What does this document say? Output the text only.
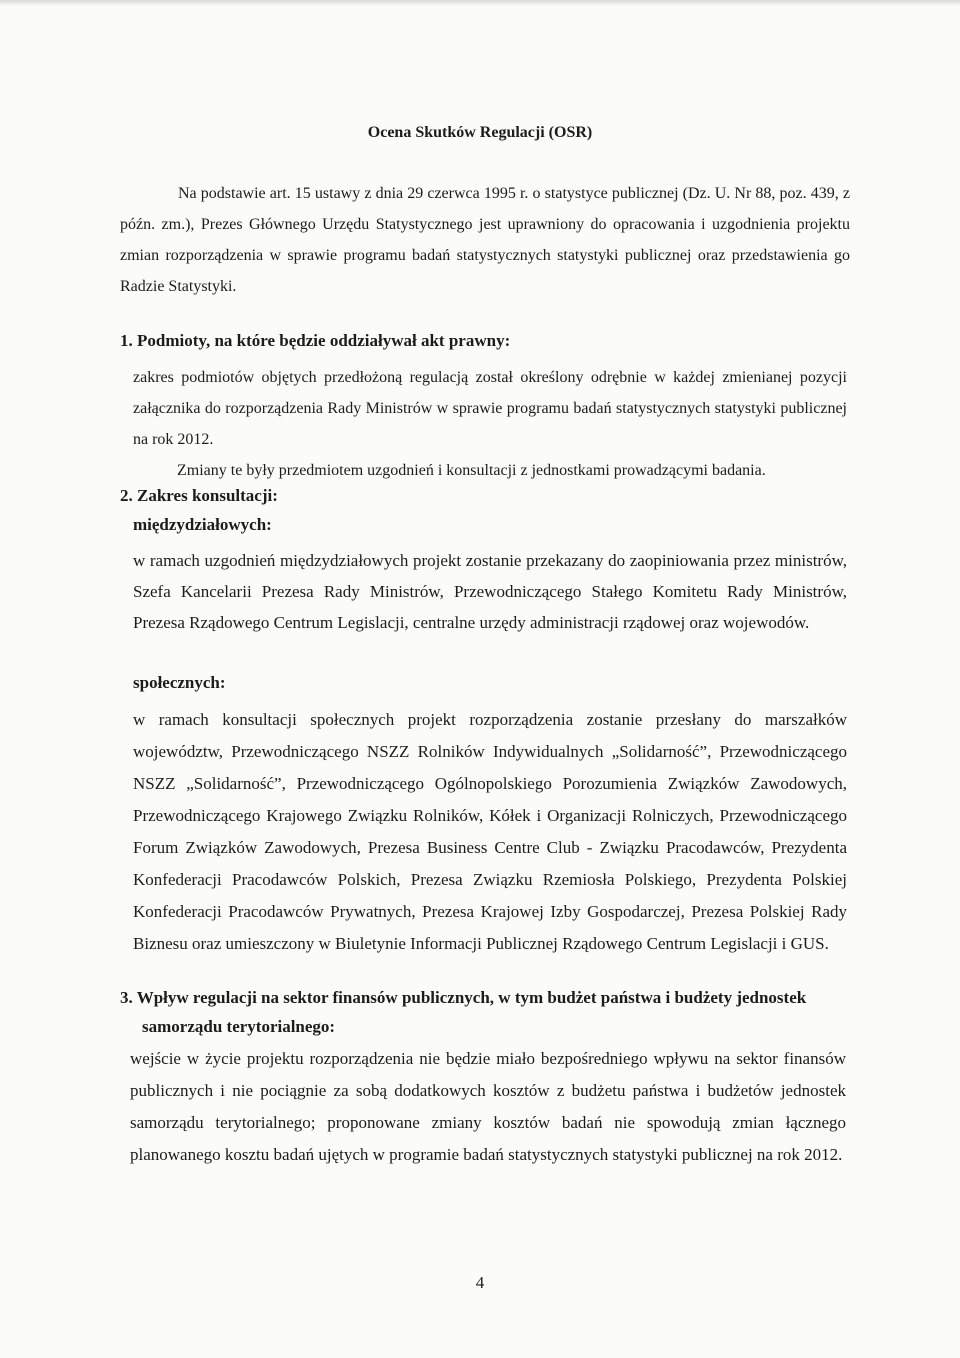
Ocena Skutków Regulacji (OSR)
Na podstawie art. 15 ustawy z dnia 29 czerwca 1995 r. o statystyce publicznej (Dz. U. Nr 88, poz. 439, z późn. zm.), Prezes Głównego Urzędu Statystycznego jest uprawniony do opracowania i uzgodnienia projektu zmian rozporządzenia w sprawie programu badań statystycznych statystyki publicznej oraz przedstawienia go Radzie Statystyki.
1. Podmioty, na które będzie oddziaływał akt prawny:
zakres podmiotów objętych przedłożoną regulacją został określony odrębnie w każdej zmienianej pozycji załącznika do rozporządzenia Rady Ministrów w sprawie programu badań statystycznych statystyki publicznej na rok 2012.
Zmiany te były przedmiotem uzgodnień i konsultacji z jednostkami prowadzącymi badania.
2. Zakres konsultacji:
międzydziałowych:
w ramach uzgodnień międzydziałowych projekt zostanie przekazany do zaopiniowania przez ministrów, Szefa Kancelarii Prezesa Rady Ministrów, Przewodniczącego Stałego Komitetu Rady Ministrów, Prezesa Rządowego Centrum Legislacji, centralne urzędy administracji rządowej oraz wojewodów.
społecznych:
w ramach konsultacji społecznych projekt rozporządzenia zostanie przesłany do marszałków województw, Przewodniczącego NSZZ Rolników Indywidualnych „Solidarność”, Przewodniczącego NSZZ „Solidarność”, Przewodniczącego Ogólnopolskiego Porozumienia Związków Zawodowych, Przewodniczącego Krajowego Związku Rolników, Kółek i Organizacji Rolniczych, Przewodniczącego Forum Związków Zawodowych, Prezesa Business Centre Club - Związku Pracodawców, Prezydenta Konfederacji Pracodawców Polskich, Prezesa Związku Rzemiosła Polskiego, Prezydenta Polskiej Konfederacji Pracodawców Prywatnych, Prezesa Krajowej Izby Gospodarczej, Prezesa Polskiej Rady Biznesu oraz umieszczony w Biuletynie Informacji Publicznej Rządowego Centrum Legislacji i GUS.
3. Wpływ regulacji na sektor finansów publicznych, w tym budżet państwa i budżety jednostek
samorządu terytorialnego:
wejście w życie projektu rozporządzenia nie będzie miało bezpośredniego wpływu na sektor finansów publicznych i nie pociągnie za sobą dodatkowych kosztów z budżetu państwa i budżetów jednostek samorządu terytorialnego; proponowane zmiany kosztów badań nie spowodują zmian łącznego planowanego kosztu badań ujętych w programie badań statystycznych statystyki publicznej na rok 2012.
4
